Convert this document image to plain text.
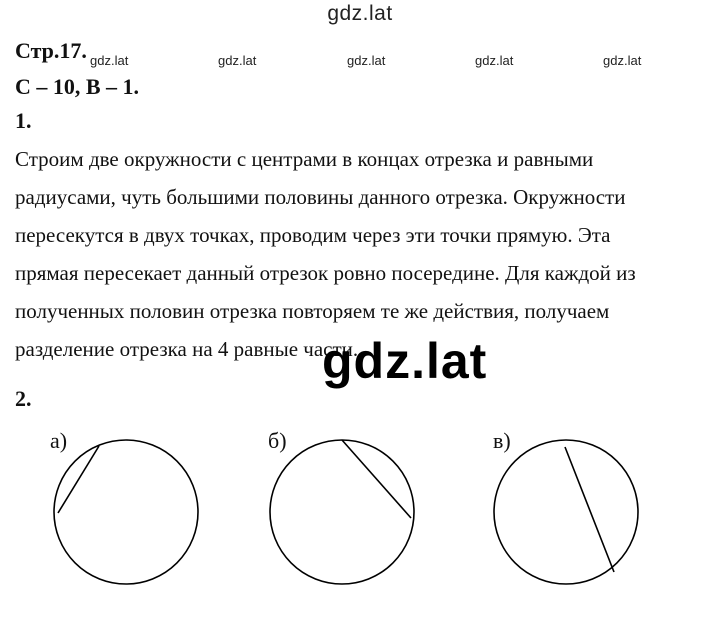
gdz.lat
gdz.lat	gdz.lat	gdz.lat	gdz.lat	gdz.lat
Стр.17.
С – 10, В – 1.
1.
Строим две окружности с центрами в концах отрезка и равными
радиусами, чуть большими половины данного отрезка. Окружности
пересекутся в двух точках, проводим через эти точки прямую. Эта
прямая пересекает данный отрезок ровно посередине. Для каждой из
полученных половин отрезка повторяем те же действия, получаем
разделение отрезка на 4 равные части.
gdz.lat
2.
а)	б)	в)
